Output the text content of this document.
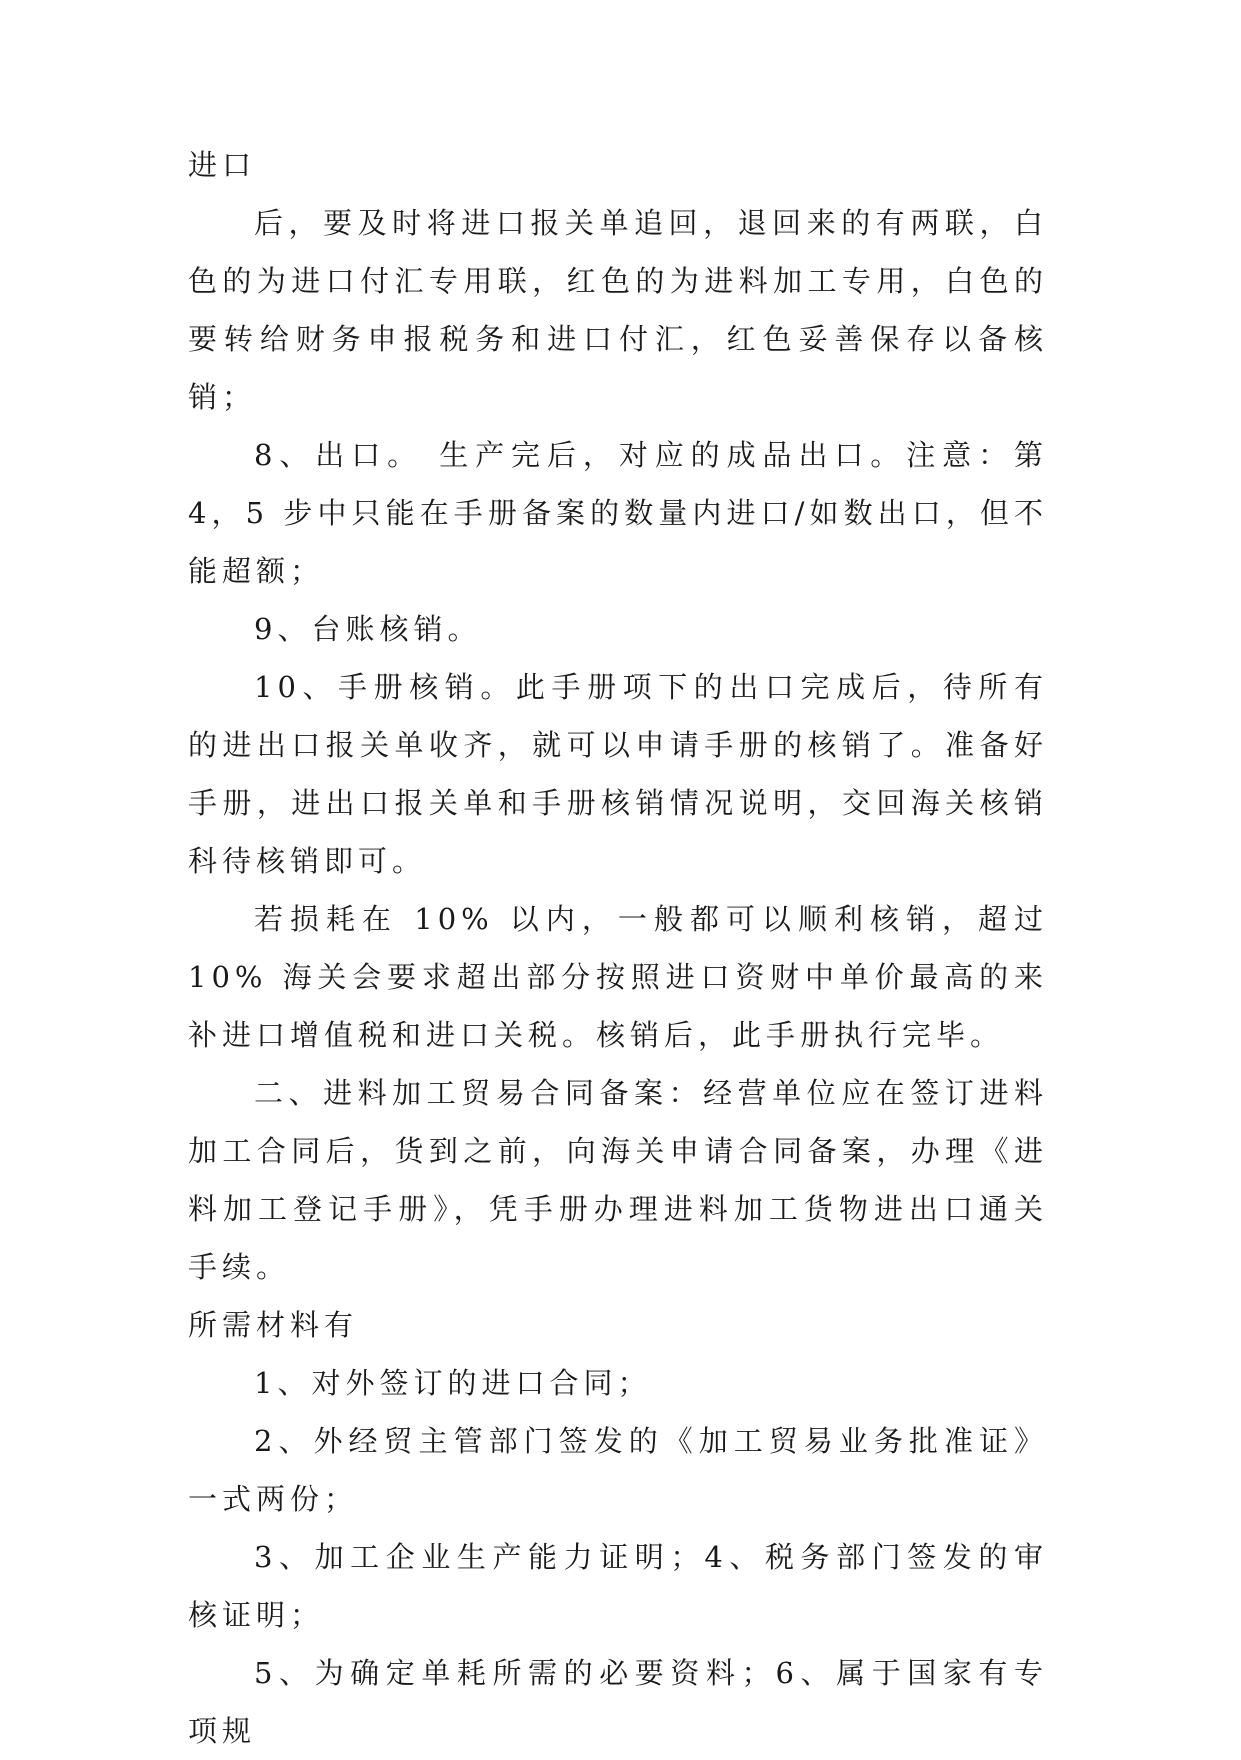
进口

后，要及时将进口报关单追回，退回来的有两联，白色的为进口付汇专用联，红色的为进料加工专用，白色的要转给财务申报税务和进口付汇，红色妥善保存以备核销；

8、出口。 生产完后，对应的成品出口。注意：第 4，5 步中只能在手册备案的数量内进口/如数出口，但不能超额；

9、台账核销。

10、手册核销。此手册项下的出口完成后，待所有的进出口报关单收齐，就可以申请手册的核销了。准备好手册，进出口报关单和手册核销情况说明，交回海关核销科待核销即可。

若损耗在 10% 以内，一般都可以顺利核销，超过 10% 海关会要求超出部分按照进口资财中单价最高的来补进口增值税和进口关税。核销后，此手册执行完毕。

二、进料加工贸易合同备案：经营单位应在签订进料加工合同后，货到之前，向海关申请合同备案，办理《进料加工登记手册》，凭手册办理进料加工货物进出口通关手续。

所需材料有

1、对外签订的进口合同；

2、外经贸主管部门签发的《加工贸易业务批准证》一式两份；

3、加工企业生产能力证明；4、税务部门签发的审核证明；

5、为确定单耗所需的必要资料；6、属于国家有专项规
